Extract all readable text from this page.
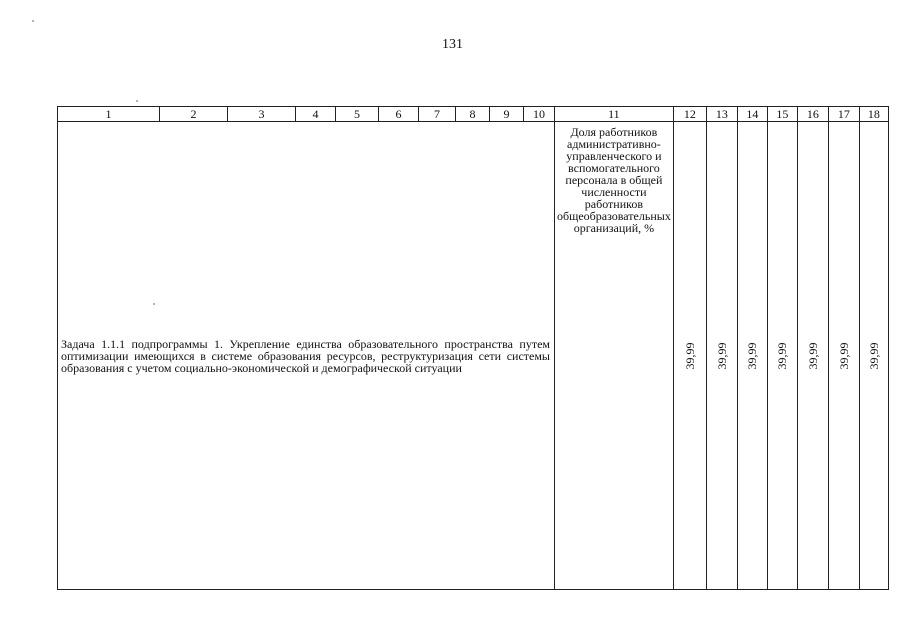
131
1	2	3	4	5	6	7	8	9	10	11	12	13	14	15	16	17	18
Задача 1.1.1 подпрограммы 1. Укрепление единства образовательного пространства путем оптимизации имеющихся в системе образования ресурсов, реструктуризация сети системы образования с учетом социально-экономической и демографической ситуации										Доля работников административно-управленческого и вспомогательного персонала в общей численности работников общеобразовательных организаций, %	39,99	39,99	39,99	39,99	39,99	39,99	39,99
